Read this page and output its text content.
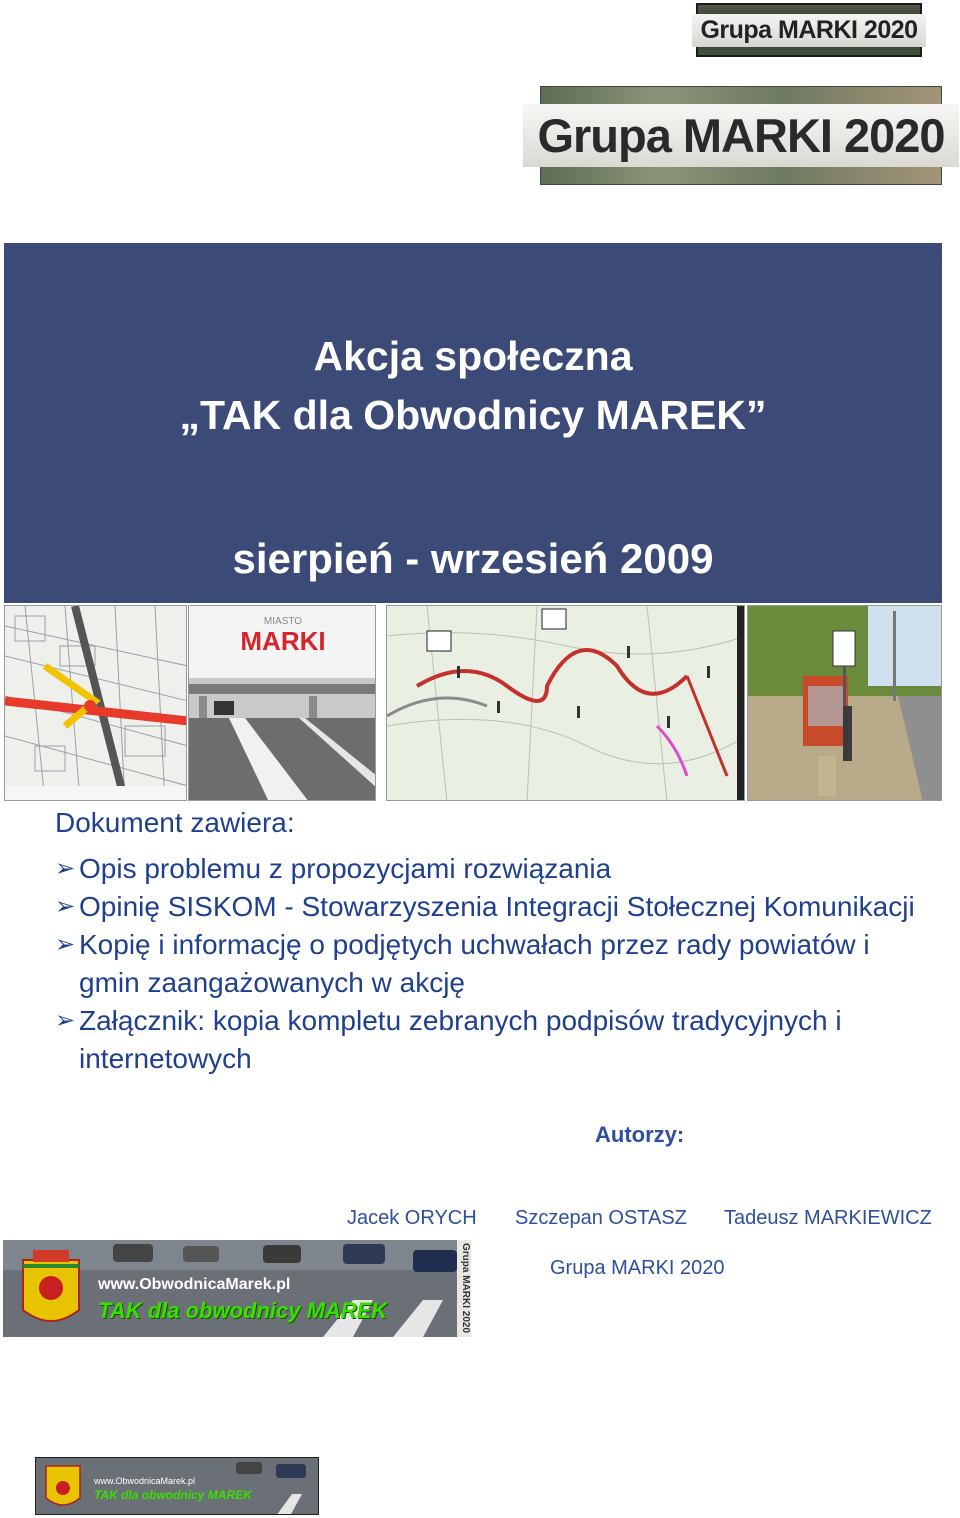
Grupa MARKI 2020
Grupa MARKI 2020
Akcja społeczna
„TAK dla Obwodnicy MAREK”
sierpień - wrzesień 2009
MIASTO
MARKI
Dokument zawiera:
➢ Opis problemu z propozycjami rozwiązania
➢ Opinię SISKOM - Stowarzyszenia Integracji Stołecznej Komunikacji
➢ Kopię i informację o podjętych uchwałach przez rady powiatów i gmin zaangażowanych w akcję
➢ Załącznik: kopia kompletu zebranych podpisów tradycyjnych i internetowych
Autorzy:
Jacek ORYCH Szczepan OSTASZ Tadeusz MARKIEWICZ
Grupa MARKI 2020
www.ObwodnicaMarek.pl
TAK dla obwodnicy MAREK	Grupa MARKI 2020
www.ObwodnicaMarek.pl
TAK dla obwodnicy MAREK
